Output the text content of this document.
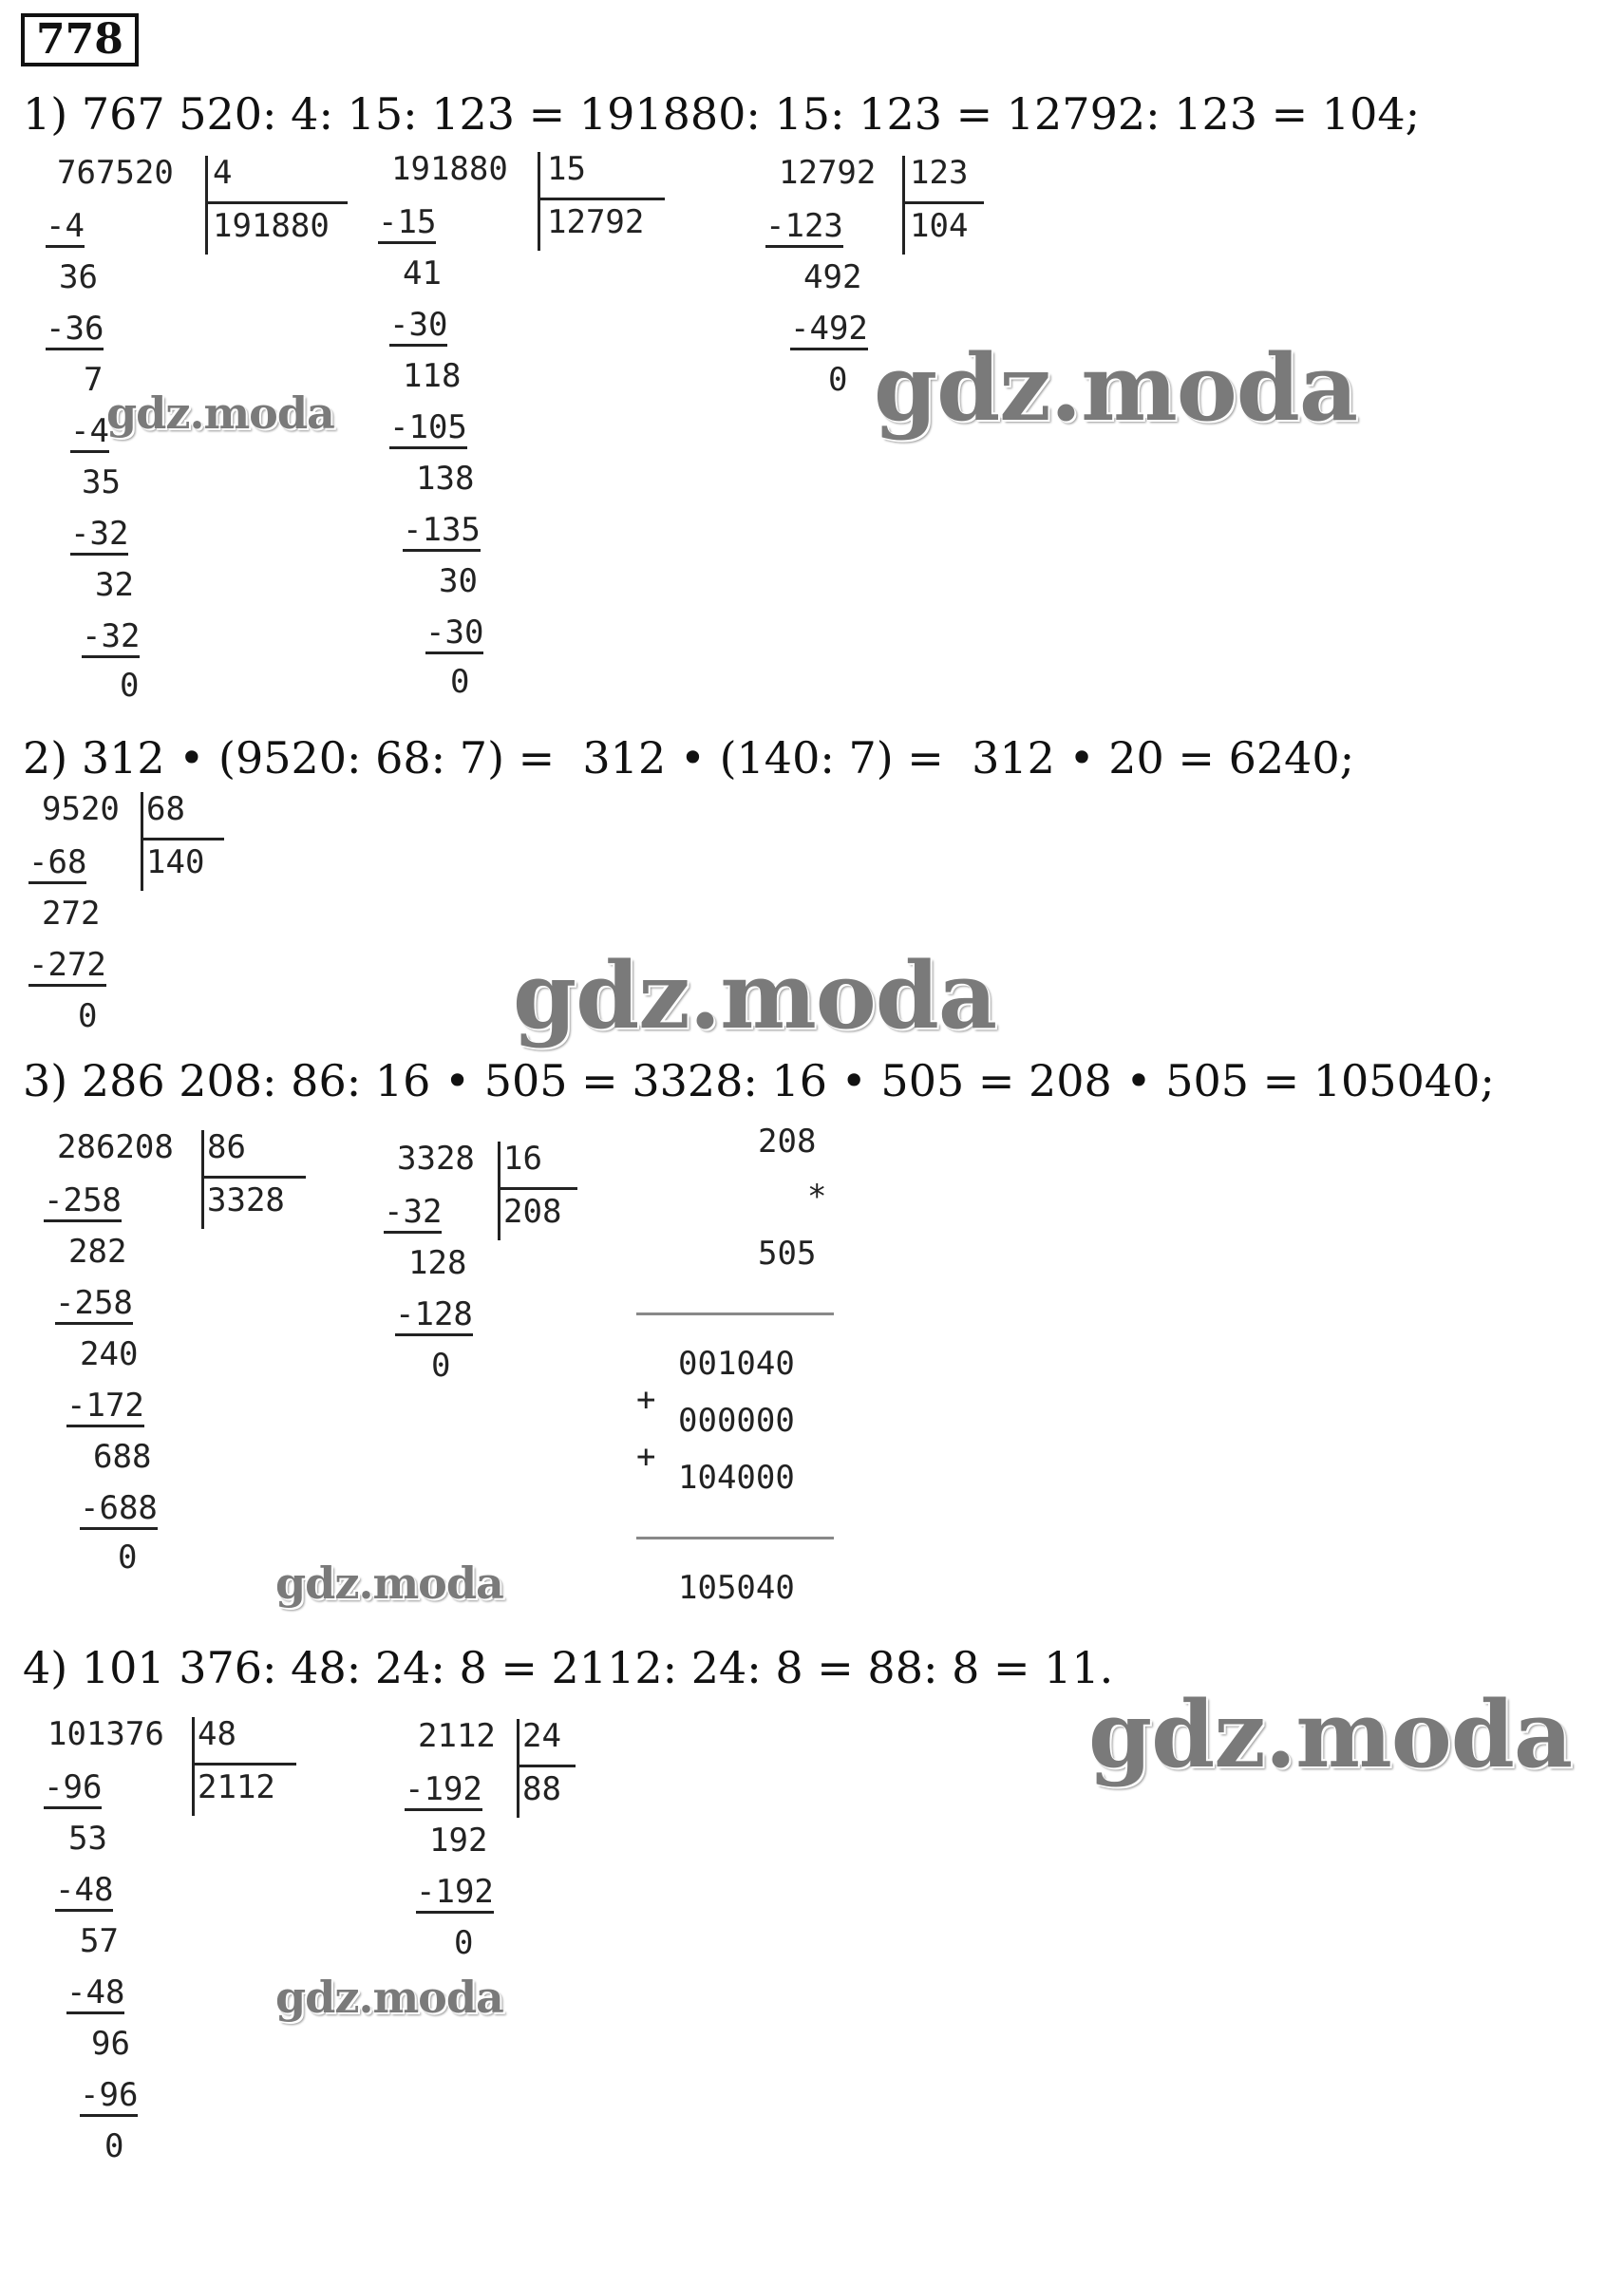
778
1) 767 520: 4: 15: 123 = 191880: 15: 123 = 12792: 123 = 104;
2) 312 • (9520: 68: 7) =  312 • (140: 7) =  312 • 20 = 6240;
3) 286 208: 86: 16 • 505 = 3328: 16 • 505 = 208 • 505 = 105040;
4) 101 376: 48: 24: 8 = 2112: 24: 8 = 88: 8 = 11.

767520

4

191880

-4

36

-36

7

-4

35

-32

32

-32

0

191880

15

12792

-15

41

-30

118

-105

138

-135

30

-30

0

12792

123

104

-123

492

-492

0

9520

68

140

-68

272

-272

0

286208

86

3328

-258

282

-258

240

-172

688

-688

0

3328

16

208

-32

128

-128

0

208

*

505

001040

+

000000

+

104000

105040

101376

48

2112

-96

53

-48

57

-48

96

-96

0

2112

24

88

-192

192

-192

0

gdz.moda
gdz.moda
gdz.moda
gdz.moda
gdz.moda
gdz.moda
